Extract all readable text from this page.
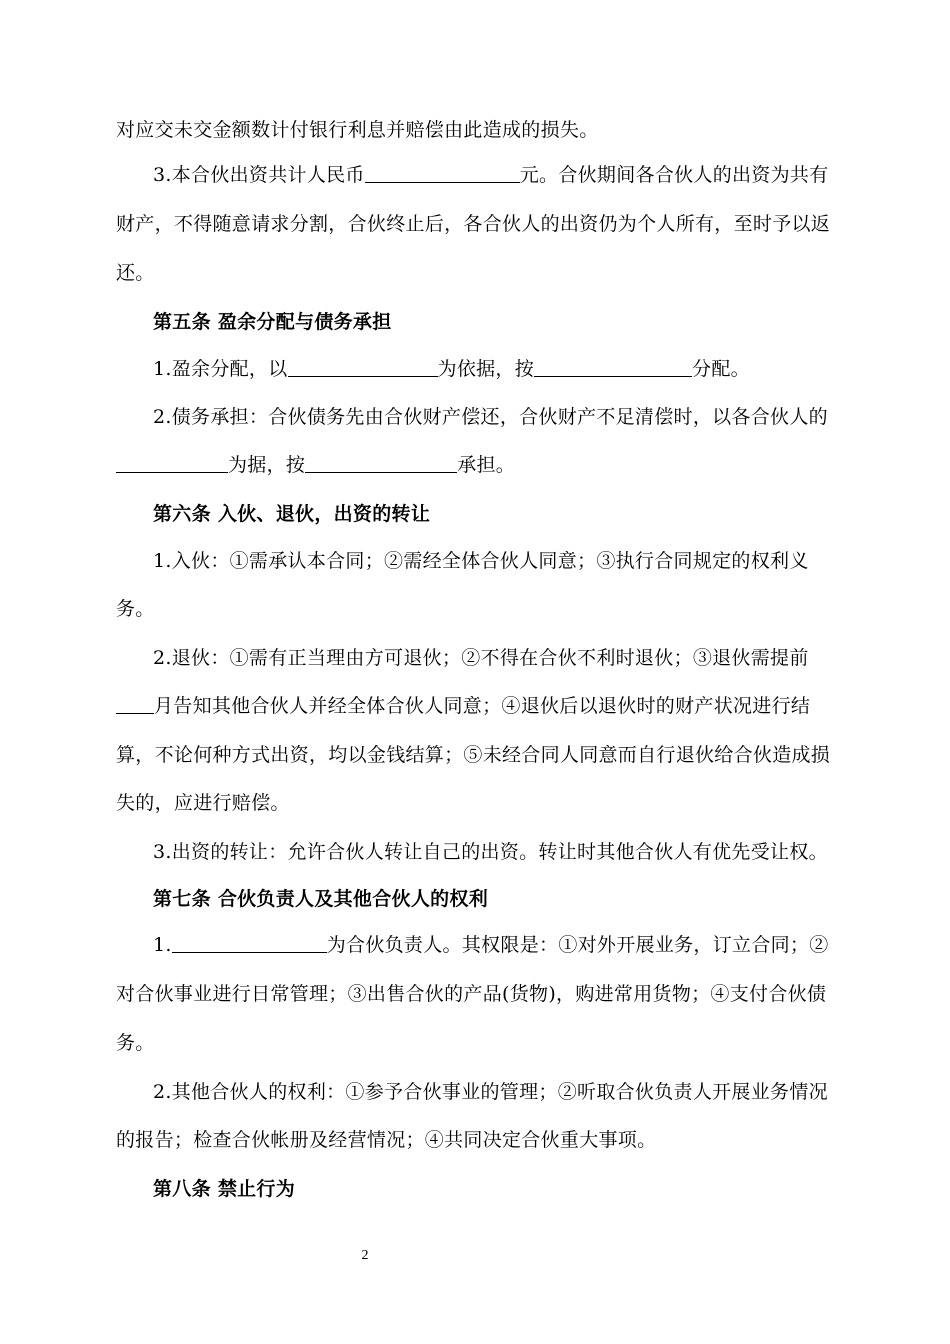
对应交未交金额数计付银行利息并赔偿由此造成的损失。
3.本合伙出资共计人民币	元。合伙期间各合伙人的出资为共有
财产，不得随意请求分割，合伙终止后，各合伙人的出资仍为个人所有，至时予以返
还。
第五条 盈余分配与债务承担
1.盈余分配，以	为依据，按	分配。
2.债务承担：合伙债务先由合伙财产偿还，合伙财产不足清偿时，以各合伙人的
为据，按	承担。
第六条 入伙、退伙，出资的转让
1.入伙：①需承认本合同；②需经全体合伙人同意；③执行合同规定的权利义
务。
2.退伙：①需有正当理由方可退伙；②不得在合伙不利时退伙；③退伙需提前
月告知其他合伙人并经全体合伙人同意；④退伙后以退伙时的财产状况进行结
算，不论何种方式出资，均以金钱结算；⑤未经合同人同意而自行退伙给合伙造成损
失的，应进行赔偿。
3.出资的转让：允许合伙人转让自己的出资。转让时其他合伙人有优先受让权。
第七条 合伙负责人及其他合伙人的权利
1.	为合伙负责人。其权限是：①对外开展业务，订立合同；②
对合伙事业进行日常管理；③出售合伙的产品(货物)，购进常用货物；④支付合伙债
务。
2.其他合伙人的权利：①参予合伙事业的管理；②听取合伙负责人开展业务情况
的报告；检查合伙帐册及经营情况；④共同决定合伙重大事项。
第八条 禁止行为
2
